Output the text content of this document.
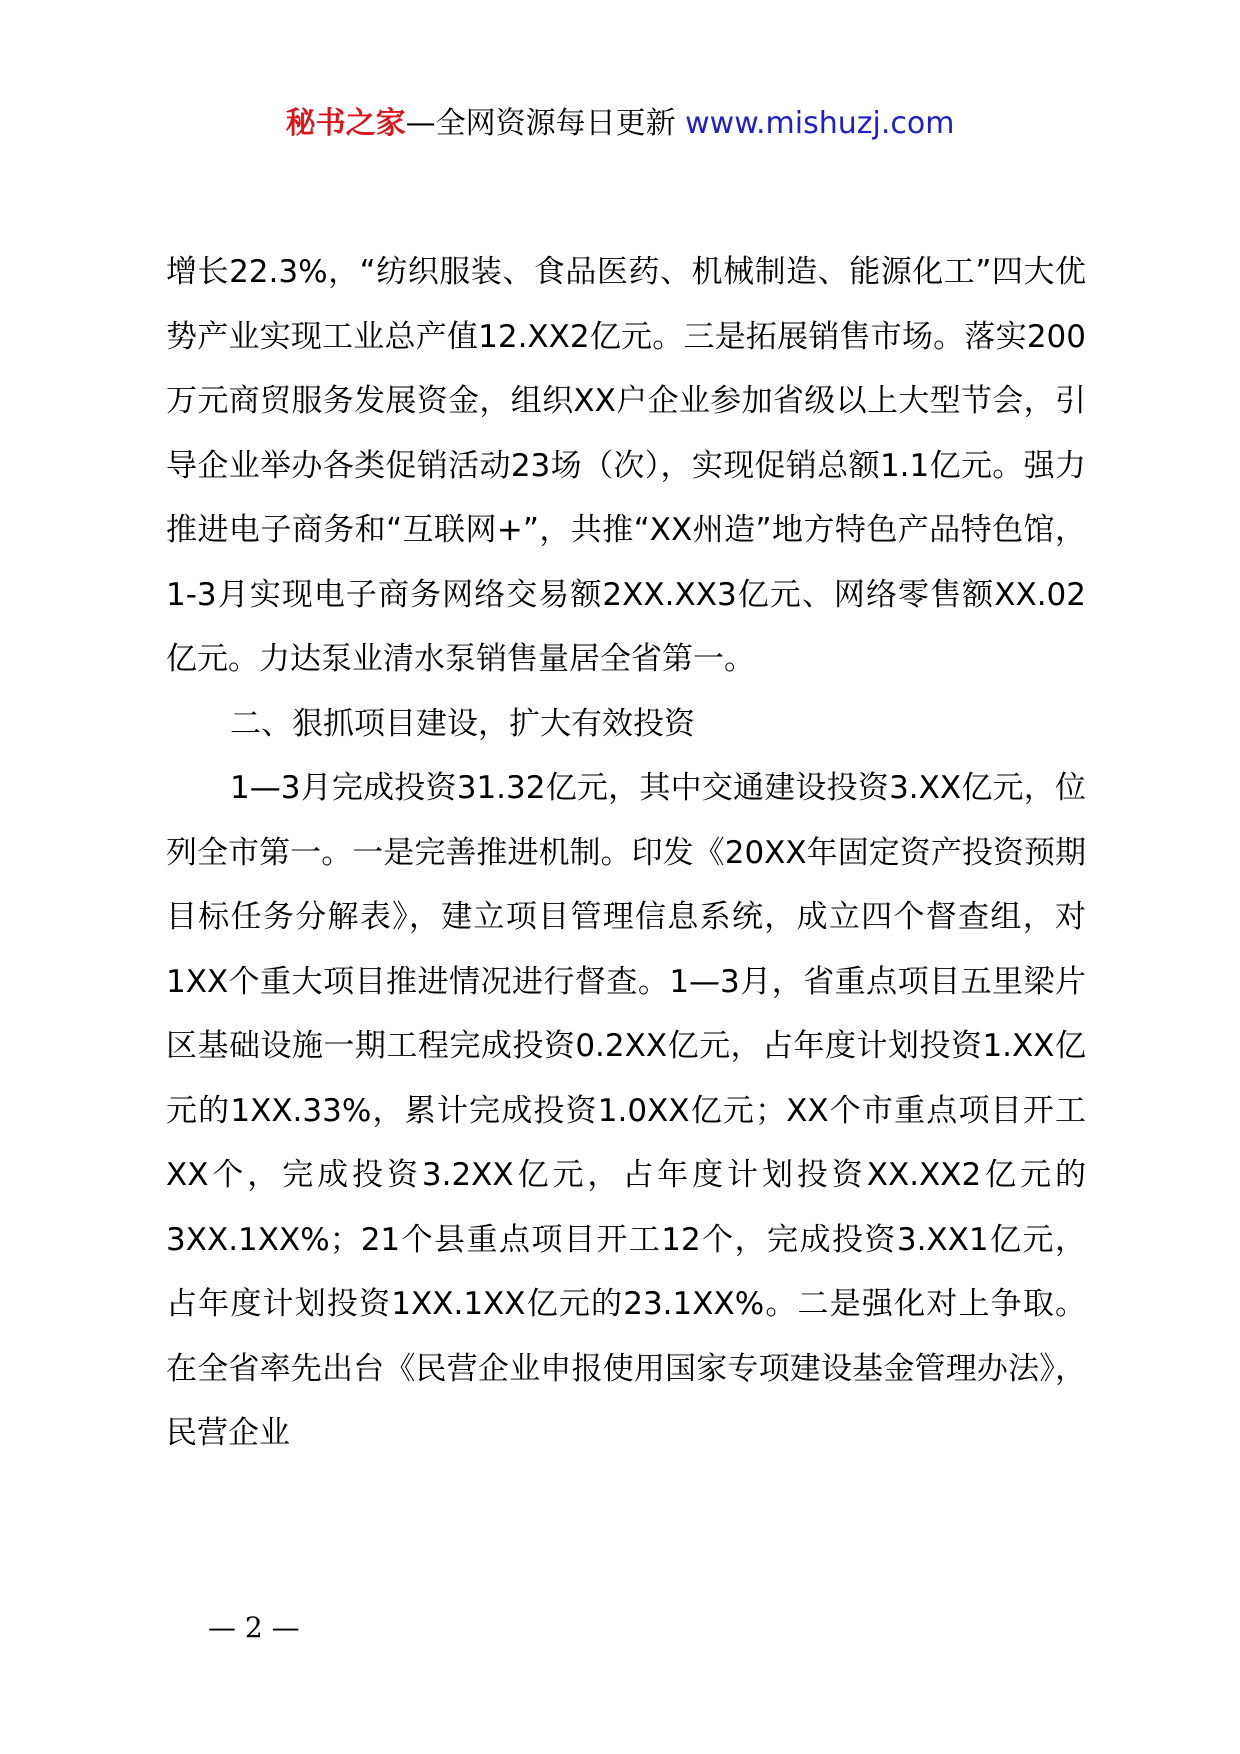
秘书之家—全网资源每日更新 www.mishuzj.com

增长22.3%，“纺织服装、食品医药、机械制造、能源化工”四大优势产业实现工业总产值12.XX2亿元。三是拓展销售市场。落实200万元商贸服务发展资金，组织XX户企业参加省级以上大型节会，引导企业举办各类促销活动23场（次），实现促销总额1.1亿元。强力推进电子商务和“互联网+”，共推“XX州造”地方特色产品特色馆，1-3月实现电子商务网络交易额2XX.XX3亿元、网络零售额XX.02亿元。力达泵业清水泵销售量居全省第一。

二、狠抓项目建设，扩大有效投资

1—3月完成投资31.32亿元，其中交通建设投资3.XX亿元，位列全市第一。一是完善推进机制。印发《20XX年固定资产投资预期目标任务分解表》，建立项目管理信息系统，成立四个督查组，对1XX个重大项目推进情况进行督查。1—3月，省重点项目五里梁片区基础设施一期工程完成投资0.2XX亿元，占年度计划投资1.XX亿元的1XX.33%，累计完成投资1.0XX亿元；XX个市重点项目开工XX个，完成投资3.2XX亿元，占年度计划投资XX.XX2亿元的3XX.1XX%；21个县重点项目开工12个，完成投资3.XX1亿元，占年度计划投资1XX.1XX亿元的23.1XX%。二是强化对上争取。在全省率先出台《民营企业申报使用国家专项建设基金管理办法》，民营企业

— 2 —
